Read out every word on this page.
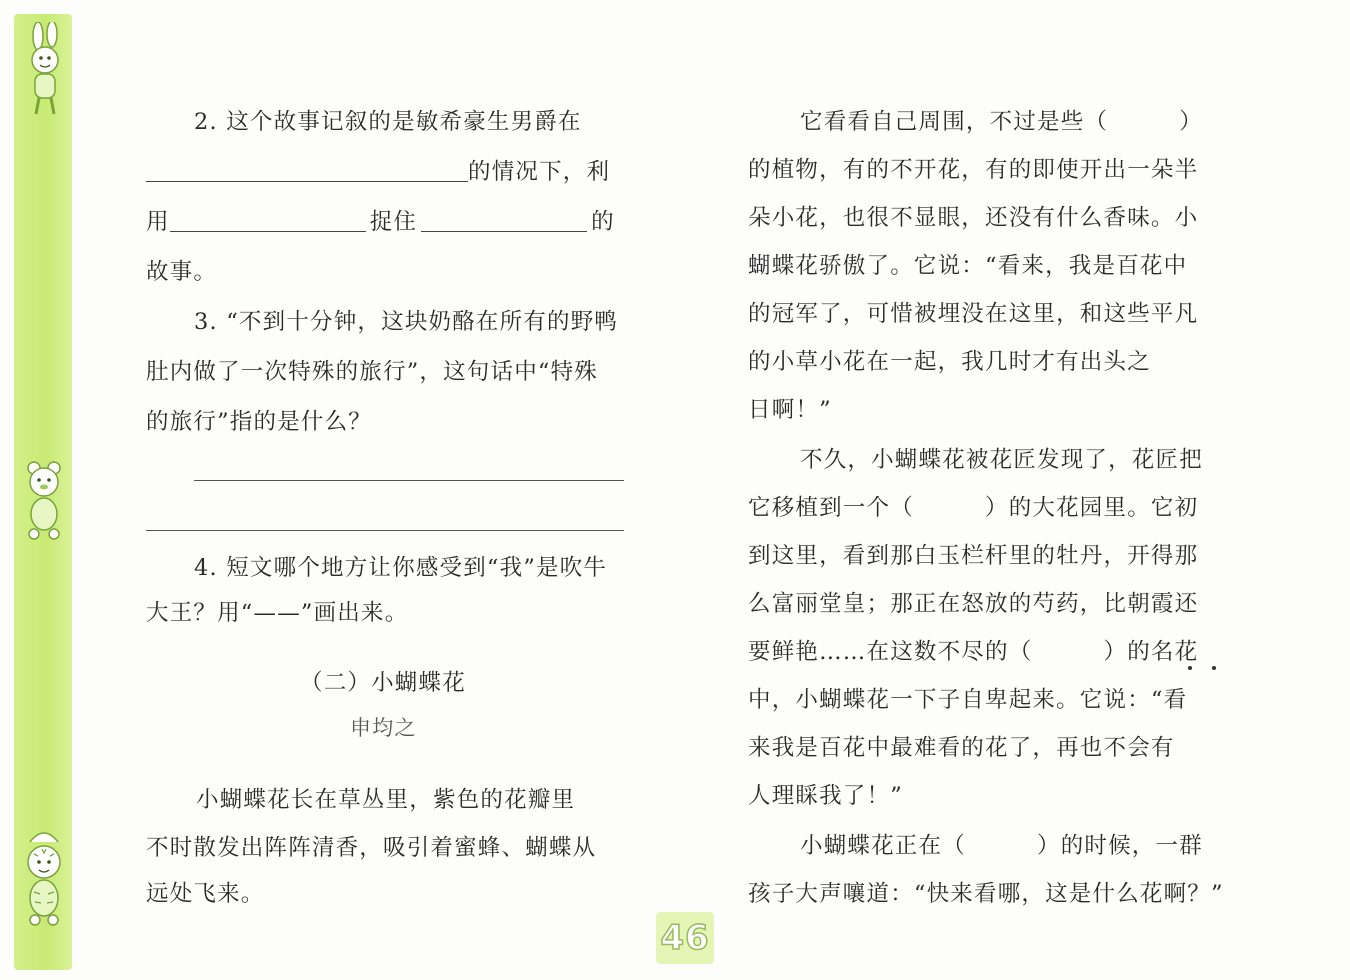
2. 这个故事记叙的是敏希豪生男爵在
的情况下，利
用	捉住	的
故事。
3. “不到十分钟，这块奶酪在所有的野鸭
肚内做了一次特殊的旅行”，这句话中“特殊
的旅行”指的是什么？
4. 短文哪个地方让你感受到“我”是吹牛
大王？用“——”画出来。
（二）小蝴蝶花
申均之
小蝴蝶花长在草丛里，紫色的花瓣里
不时散发出阵阵清香，吸引着蜜蜂、蝴蝶从
远处飞来。
它看看自己周围，不过是些（　　　）
的植物，有的不开花，有的即使开出一朵半
朵小花，也很不显眼，还没有什么香味。小
蝴蝶花骄傲了。它说：“看来，我是百花中
的冠军了，可惜被埋没在这里，和这些平凡
的小草小花在一起，我几时才有出头之
日啊！”
不久，小蝴蝶花被花匠发现了，花匠把
它移植到一个（　　　）的大花园里。它初
到这里，看到那白玉栏杆里的牡丹，开得那
么富丽堂皇；那正在怒放的芍药，比朝霞还
要鲜艳……在这数不尽的（　　　）的名花
中，小蝴蝶花一下子自卑起来。它说：“看
来我是百花中最难看的花了，再也不会有
人理睬我了！”
小蝴蝶花正在（　　　）的时候，一群
孩子大声嚷道：“快来看哪，这是什么花啊？”
46
